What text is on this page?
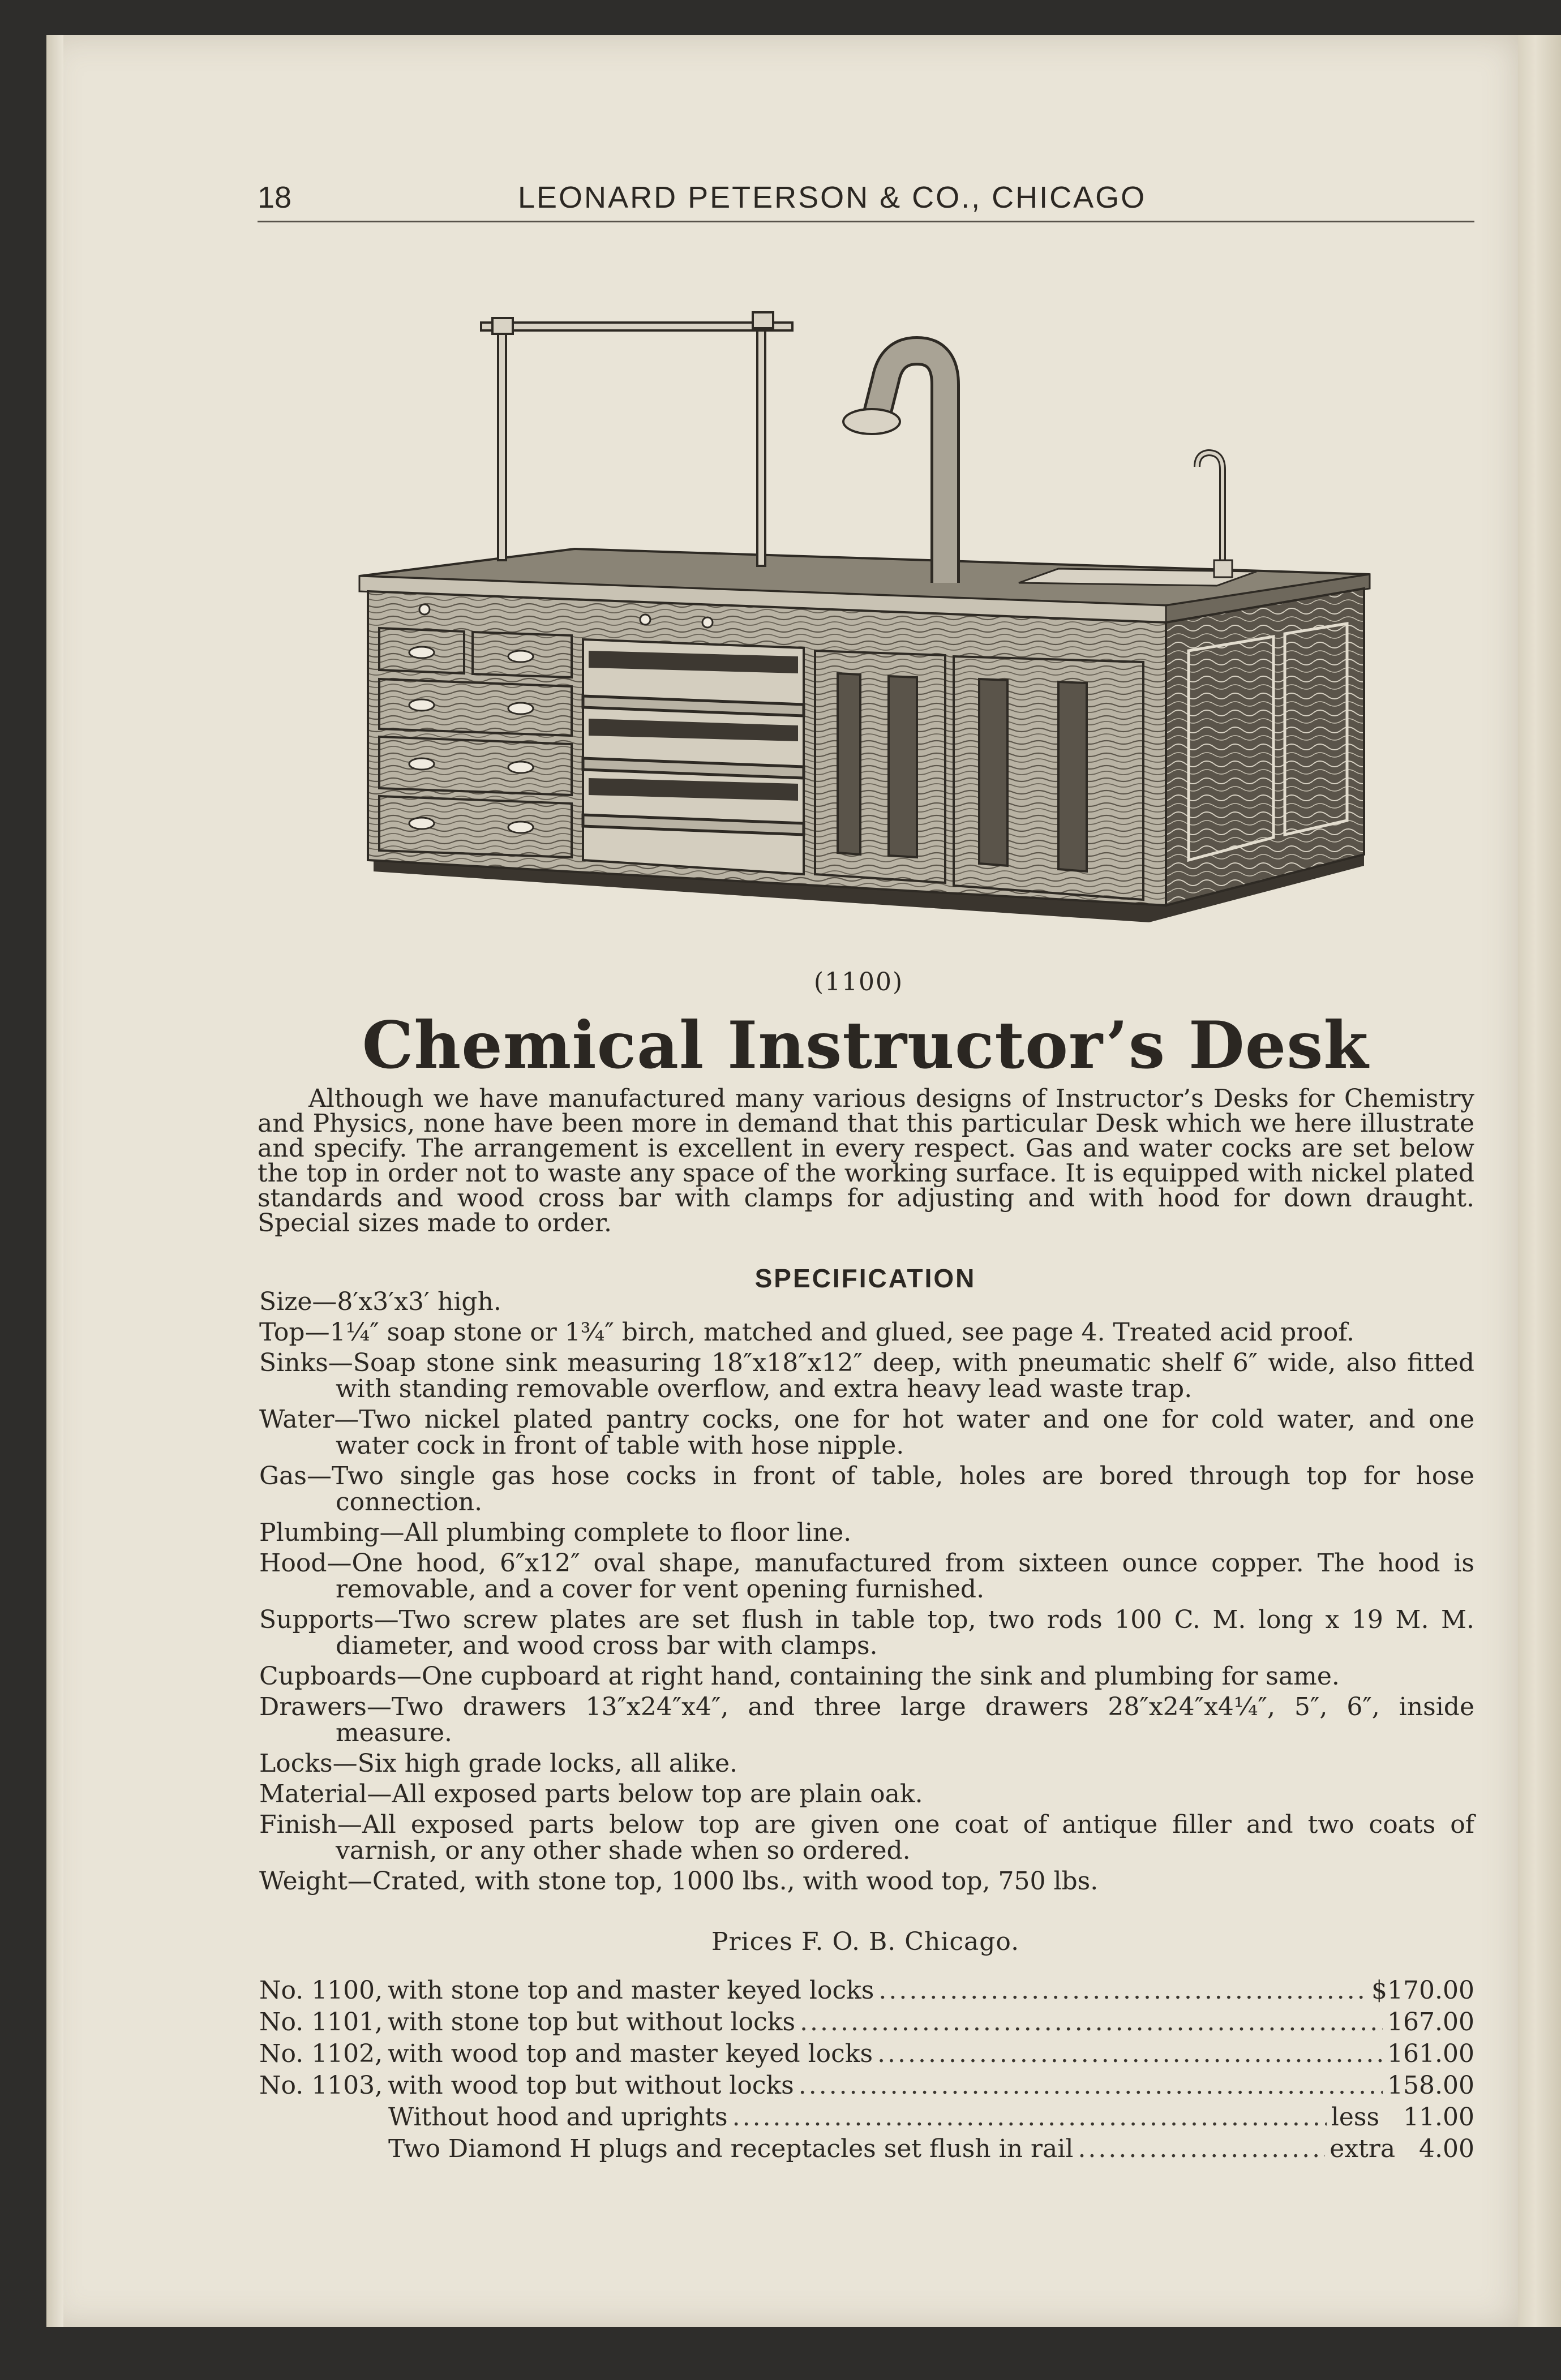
18	LEONARD PETERSON & CO., CHICAGO
(1100)
Chemical Instructor’s Desk

Although we have manufactured many various designs of Instructor’s Desks for Chemistry and Physics, none have been more in demand that this particular Desk which we here illustrate and specify. The arrangement is excellent in every respect. Gas and water cocks are set below the top in order not to waste any space of the working surface. It is equipped with nickel plated standards and wood cross bar with clamps for adjusting and with hood for down draught. Special sizes made to order.

SPECIFICATION

Size—8′x3′x3′ high.

Top—1¼″ soap stone or 1¾″ birch, matched and glued, see page 4. Treated acid proof.

Sinks—Soap stone sink measuring 18″x18″x12″ deep, with pneumatic shelf 6″ wide, also fitted with standing removable overflow, and extra heavy lead waste trap.

Water—Two nickel plated pantry cocks, one for hot water and one for cold water, and one water cock in front of table with hose nipple.

Gas—Two single gas hose cocks in front of table, holes are bored through top for hose connection.

Plumbing—All plumbing complete to floor line.

Hood—One hood, 6″x12″ oval shape, manufactured from sixteen ounce copper. The hood is removable, and a cover for vent opening furnished.

Supports—Two screw plates are set flush in table top, two rods 100 C. M. long x 19 M. M. diameter, and wood cross bar with clamps.

Cupboards—One cupboard at right hand, containing the sink and plumbing for same.

Drawers—Two drawers 13″x24″x4″, and three large drawers 28″x24″x4¼″, 5″, 6″, inside measure.

Locks—Six high grade locks, all alike.

Material—All exposed parts below top are plain oak.

Finish—All exposed parts below top are given one coat of antique filler and two coats of varnish, or any other shade when so ordered.

Weight—Crated, with stone top, 1000 lbs., with wood top, 750 lbs.

Prices F. O. B. Chicago.
No. 1100, with stone top and master keyed locks .....	$170.00
No. 1101, with stone top but without locks .....	167.00
No. 1102, with wood top and master keyed locks .....	161.00
No. 1103, with wood top but without locks .....	158.00
Without hood and uprights .....	less   11.00
Two Diamond H plugs and receptacles set flush in rail .....	extra   4.00
